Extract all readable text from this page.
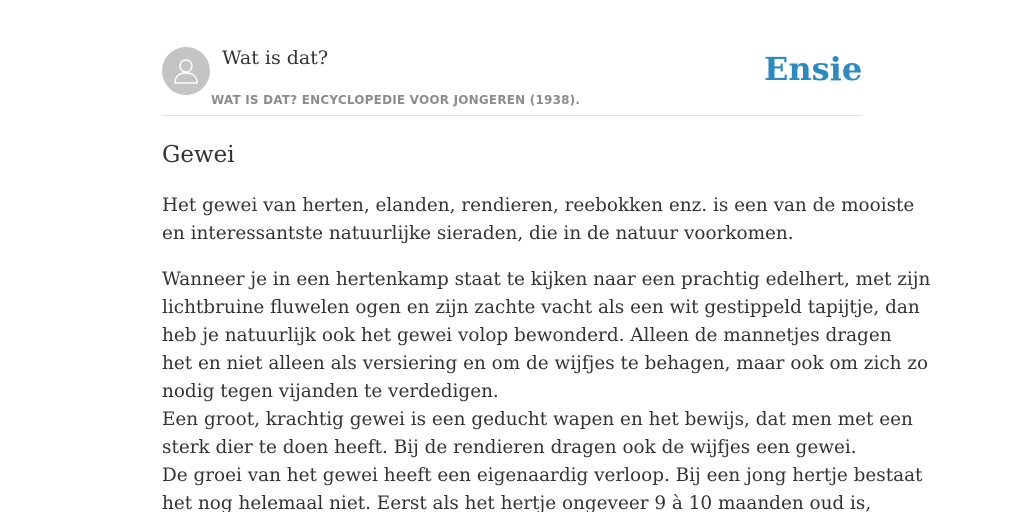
Wat is dat?
WAT IS DAT? ENCYCLOPEDIE VOOR JONGEREN (1938).
Ensie
Gewei

Het gewei van herten, elanden, rendieren, reebokken enz. is een van de mooiste
en interessantste natuurlijke sieraden, die in de natuur voorkomen.

Wanneer je in een hertenkamp staat te kijken naar een prachtig edelhert, met zijn
lichtbruine fluwelen ogen en zijn zachte vacht als een wit gestippeld tapijtje, dan
heb je natuurlijk ook het gewei volop bewonderd. Alleen de mannetjes dragen
het en niet alleen als versiering en om de wijfjes te behagen, maar ook om zich zo
nodig tegen vijanden te verdedigen.
Een groot, krachtig gewei is een geducht wapen en het bewijs, dat men met een
sterk dier te doen heeft. Bij de rendieren dragen ook de wijfjes een gewei.
De groei van het gewei heeft een eigenaardig verloop. Bij een jong hertje bestaat
het nog helemaal niet. Eerst als het hertje ongeveer 9 à 10 maanden oud is,
